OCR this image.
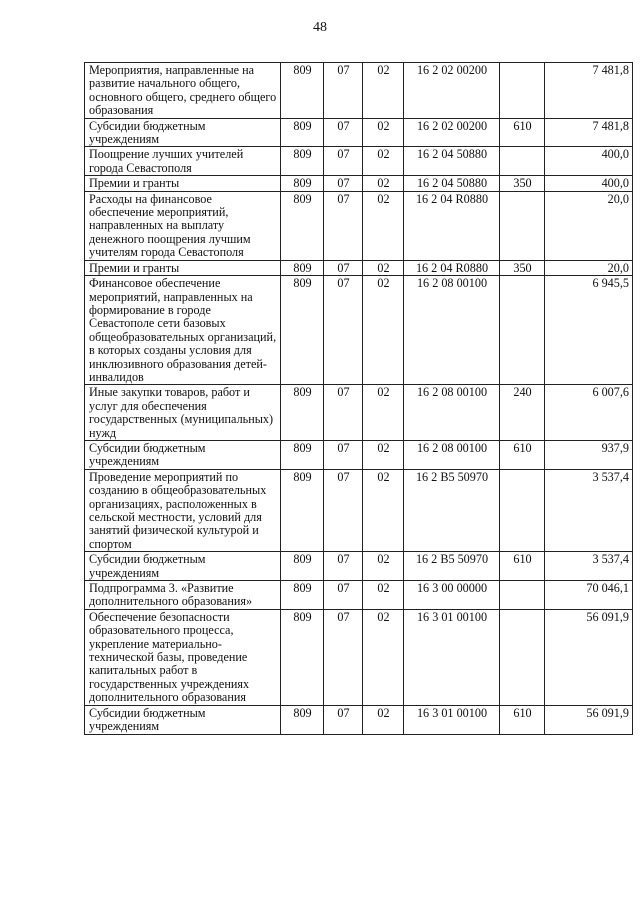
48
Мероприятия, направленные на развитие начального общего, основного общего, среднего общего образования	809	07	02	16 2 02 00200		7 481,8

Субсидии бюджетным учреждениям	809	07	02	16 2 02 00200	610	7 481,8

Поощрение лучших учителей города Севастополя	809	07	02	16 2 04 50880		400,0

Премии и гранты	809	07	02	16 2 04 50880	350	400,0

Расходы на финансовое обеспечение мероприятий, направленных на выплату денежного поощрения лучшим учителям города Севастополя	809	07	02	16 2 04 R0880		20,0

Премии и гранты	809	07	02	16 2 04 R0880	350	20,0

Финансовое обеспечение мероприятий, направленных на формирование в городе Севастополе сети базовых общеобразовательных организаций, в которых созданы условия для инклюзивного образования детей-инвалидов	809	07	02	16 2 08 00100		6 945,5

Иные закупки товаров, работ и услуг для обеспечения государственных (муниципальных) нужд	809	07	02	16 2 08 00100	240	6 007,6

Субсидии бюджетным учреждениям	809	07	02	16 2 08 00100	610	937,9

Проведение мероприятий по созданию в общеобразовательных организациях, расположенных в сельской местности, условий для занятий физической культурой и спортом	809	07	02	16 2 B5 50970		3 537,4

Субсидии бюджетным учреждениям	809	07	02	16 2 B5 50970	610	3 537,4

Подпрограмма 3. «Развитие дополнительного образования»	809	07	02	16 3 00 00000		70 046,1

Обеспечение безопасности образовательного процесса, укрепление материально-технической базы, проведение капитальных работ в государственных учреждениях дополнительного образования	809	07	02	16 3 01 00100		56 091,9

Субсидии бюджетным учреждениям	809	07	02	16 3 01 00100	610	56 091,9
